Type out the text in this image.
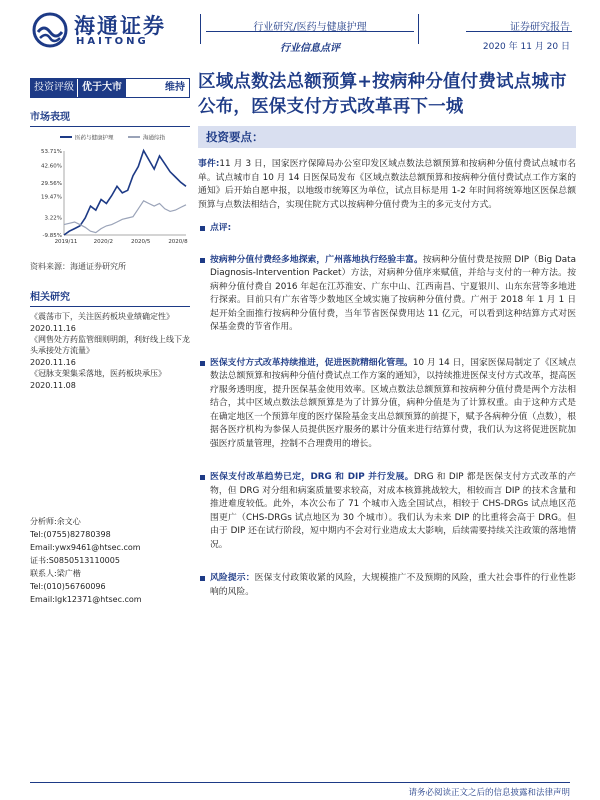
海通证券
HAITONG
行业研究/医药与健康护理
行业信息点评
证券研究报告
2020 年 11 月 20 日
投资评级 优于大市	维持
市场表现
医药与健康护理	海通综指
53.71%
42.60%
29.56%
19.47%
3.22%
-9.85%
2019/11	2020/2	2020/5	2020/8
资料来源：海通证券研究所
相关研究
《震荡市下，关注医药板块业绩确定性》
2020.11.16
《网售处方药监管细则明朗，利好线上线下龙头承接处方流量》
2020.11.16
《冠脉支架集采落地，医药板块承压》
2020.11.08
分析师:余文心
Tel:(0755)82780398
Email:ywx9461@htsec.com
证书:S0850513110005
联系人:梁广楷
Tel:(010)56760096
Email:lgk12371@htsec.com
区域点数法总额预算+按病种分值付费试点城市公布，医保支付方式改革再下一城
投资要点：
事件:11 月 3 日，国家医疗保障局办公室印发区域点数法总额预算和按病种分值付费试点城市名单。试点城市自 10 月 14 日医保局发布《区域点数法总额预算和按病种分值付费试点工作方案的通知》后开始自愿申报，以地级市统筹区为单位，试点目标是用 1-2 年时间将统筹地区医保总额预算与点数法相结合，实现住院方式以按病种分值付费为主的多元支付方式。
点评:
按病种分值付费经多地探索，广州落地执行经验丰富。按病种分值付费是按照 DIP（Big Data Diagnosis-Intervention Packet）方法，对病种分值序来赋值，并给与支付的一种方法。按病种分值付费自 2016 年起在江苏淮安、广东中山、江西南昌、宁夏银川、山东东营等多地进行探索。目前只有广东省等少数地区全域实施了按病种分值付费。广州于 2018 年 1 月 1 日起开始全面推行按病种分值付费，当年节省医保费用达 11 亿元，可以看到这种结算方式对医保基金费的节省作用。
医保支付方式改革持续推进，促进医院精细化管理。10 月 14 日，国家医保局制定了《区域点数法总额预算和按病种分值付费试点工作方案的通知》，以持续推进医保支付方式改革，提高医疗服务透明度，提升医保基金使用效率。区域点数法总额预算和按病种分值付费是两个方法相结合，其中区域点数法总额预算是为了计算分值，病种分值是为了计算权重。由于这种方式是在确定地区一个预算年度的医疗保险基金支出总额预算的前提下，赋予各病种分值（点数），根据各医疗机构为参保人员提供医疗服务的累计分值来进行结算付费，我们认为这将促进医院加强医疗质量管理，控制不合理费用的增长。
医保支付改革趋势已定，DRG 和 DIP 并行发展。DRG 和 DIP 都是医保支付方式改革的产物，但 DRG 对分组和病案质量要求较高，对成本核算挑战较大，相较而言 DIP 的技术含量和推进难度较低。此外，本次公布了 71 个城市入选全国试点，相较于 CHS-DRGs 试点地区范围更广（CHS-DRGs 试点地区为 30 个城市）。我们认为未来 DIP 的比重将会高于 DRG。但由于 DIP 还在试行阶段，短中期内不会对行业造成太大影响，后续需要持续关注政策的落地情况。
风险提示：医保支付政策收紧的风险，大规模推广不及预期的风险，重大社会事件的行业性影响的风险。
请务必阅读正文之后的信息披露和法律声明
